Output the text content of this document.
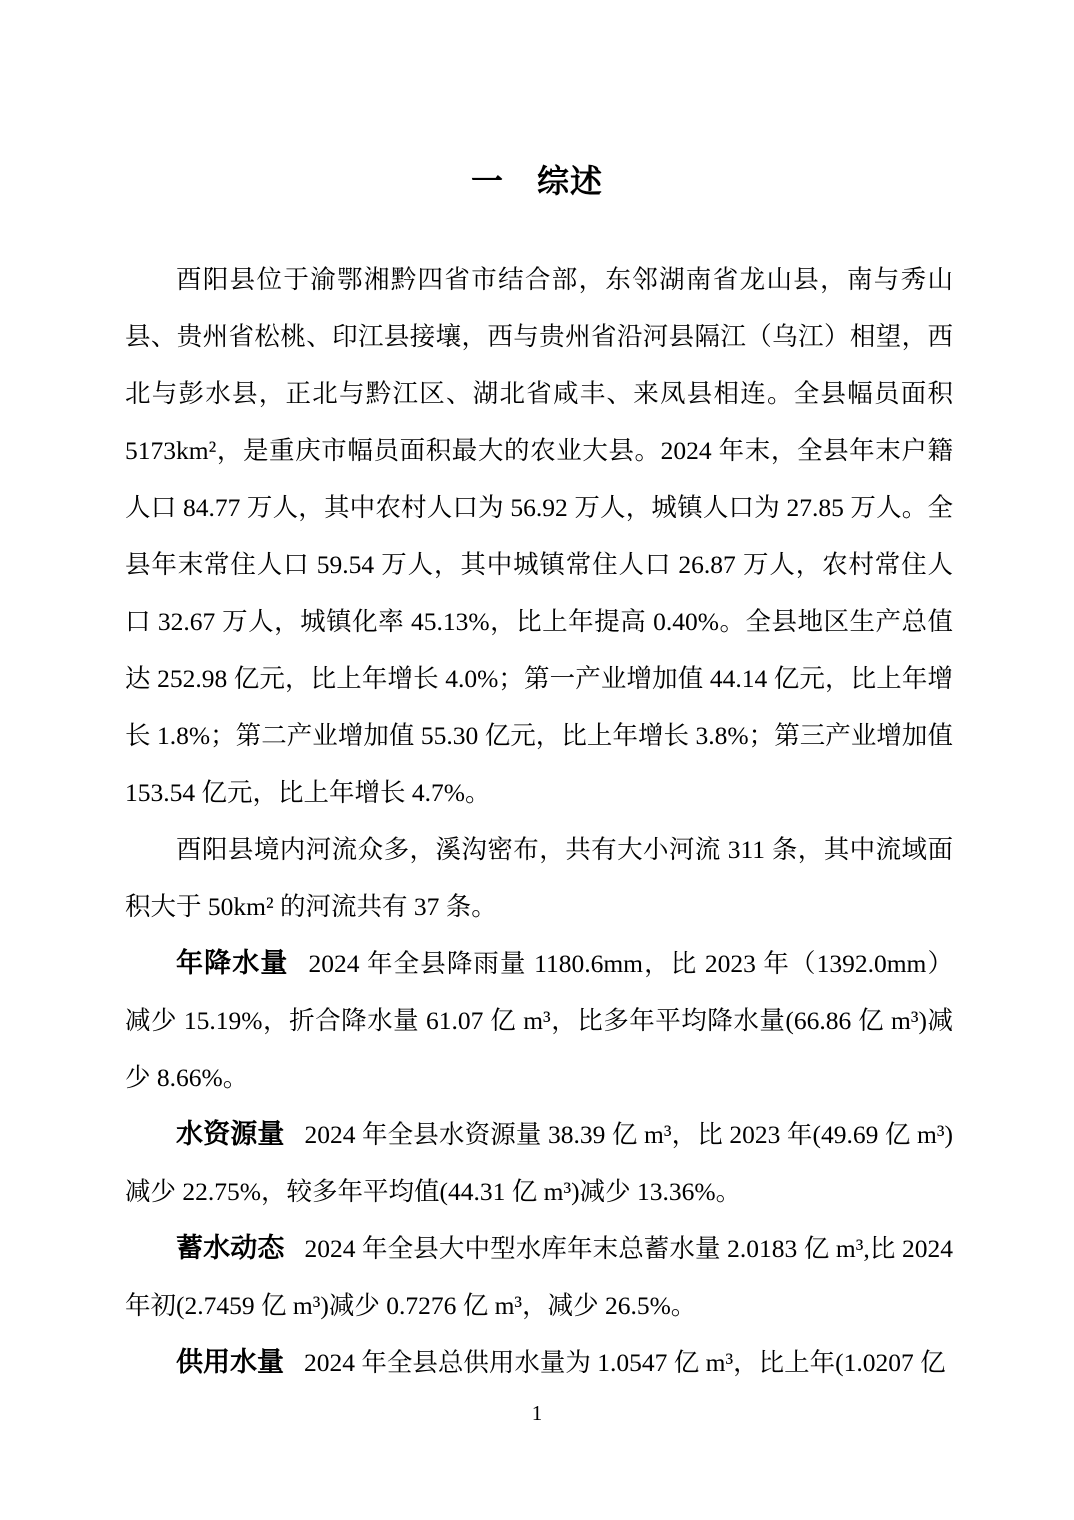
一　综述

酉阳县位于渝鄂湘黔四省市结合部，东邻湖南省龙山县，南与秀山县、贵州省松桃、印江县接壤，西与贵州省沿河县隔江（乌江）相望，西北与彭水县，正北与黔江区、湖北省咸丰、来凤县相连。全县幅员面积 5173km²，是重庆市幅员面积最大的农业大县。2024 年末，全县年末户籍人口 84.77 万人，其中农村人口为 56.92 万人，城镇人口为 27.85 万人。全县年末常住人口 59.54 万人，其中城镇常住人口 26.87 万人，农村常住人口 32.67 万人，城镇化率 45.13%，比上年提高 0.40%。全县地区生产总值达 252.98 亿元，比上年增长 4.0%；第一产业增加值 44.14 亿元，比上年增长 1.8%；第二产业增加值 55.30 亿元，比上年增长 3.8%；第三产业增加值 153.54 亿元，比上年增长 4.7%。

酉阳县境内河流众多，溪沟密布，共有大小河流 311 条，其中流域面积大于 50km² 的河流共有 37 条。

年降水量 2024 年全县降雨量 1180.6mm，比 2023 年（1392.0mm）减少 15.19%，折合降水量 61.07 亿 m³，比多年平均降水量(66.86 亿 m³)减少 8.66%。

水资源量 2024 年全县水资源量 38.39 亿 m³，比 2023 年(49.69 亿 m³)减少 22.75%，较多年平均值(44.31 亿 m³)减少 13.36%。

蓄水动态 2024 年全县大中型水库年末总蓄水量 2.0183 亿 m³,比 2024 年初(2.7459 亿 m³)减少 0.7276 亿 m³，减少 26.5%。

供用水量 2024 年全县总供用水量为 1.0547 亿 m³，比上年(1.0207 亿

1
